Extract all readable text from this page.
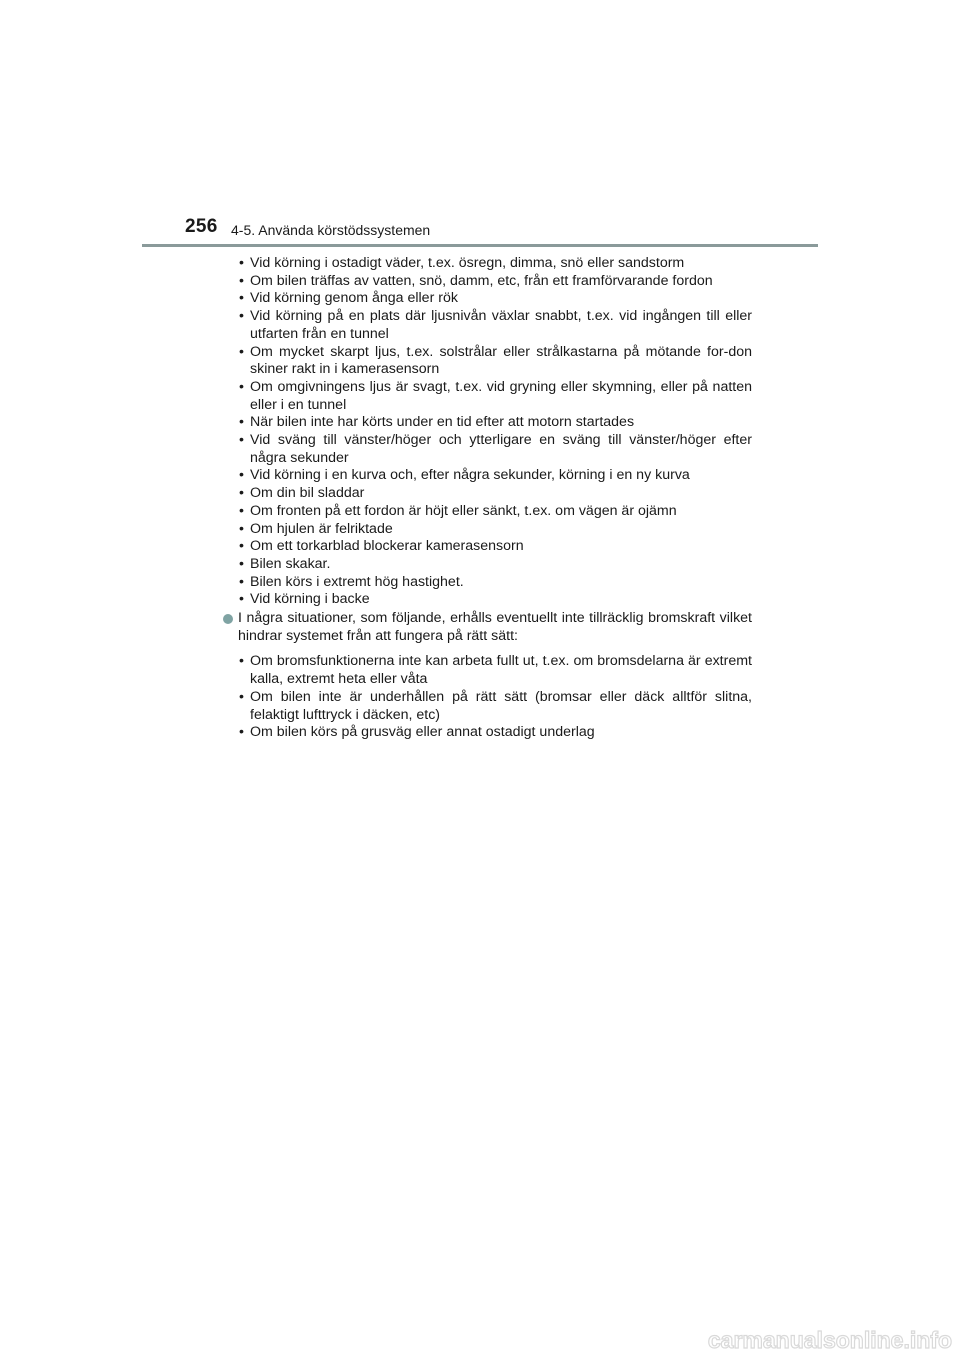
256 4-5. Använda körstödssystemen
• Vid körning i ostadigt väder, t.ex. ösregn, dimma, snö eller sandstorm
• Om bilen träffas av vatten, snö, damm, etc, från ett framförvarande fordon
• Vid körning genom ånga eller rök
• Vid körning på en plats där ljusnivån växlar snabbt, t.ex. vid ingången till eller utfarten från en tunnel
• Om mycket skarpt ljus, t.ex. solstrålar eller strålkastarna på mötande for-don skiner rakt in i kamerasensorn
• Om omgivningens ljus är svagt, t.ex. vid gryning eller skymning, eller på natten eller i en tunnel
• När bilen inte har körts under en tid efter att motorn startades
• Vid sväng till vänster/höger och ytterligare en sväng till vänster/höger efter några sekunder
• Vid körning i en kurva och, efter några sekunder, körning i en ny kurva
• Om din bil sladdar
• Om fronten på ett fordon är höjt eller sänkt, t.ex. om vägen är ojämn
• Om hjulen är felriktade
• Om ett torkarblad blockerar kamerasensorn
• Bilen skakar.
• Bilen körs i extremt hög hastighet.
• Vid körning i backe
I några situationer, som följande, erhålls eventuellt inte tillräcklig bromskraft vilket hindrar systemet från att fungera på rätt sätt:
• Om bromsfunktionerna inte kan arbeta fullt ut, t.ex. om bromsdelarna är extremt kalla, extremt heta eller våta
• Om bilen inte är underhållen på rätt sätt (bromsar eller däck alltför slitna, felaktigt lufttryck i däcken, etc)
• Om bilen körs på grusväg eller annat ostadigt underlag
carmanualsonline.info
